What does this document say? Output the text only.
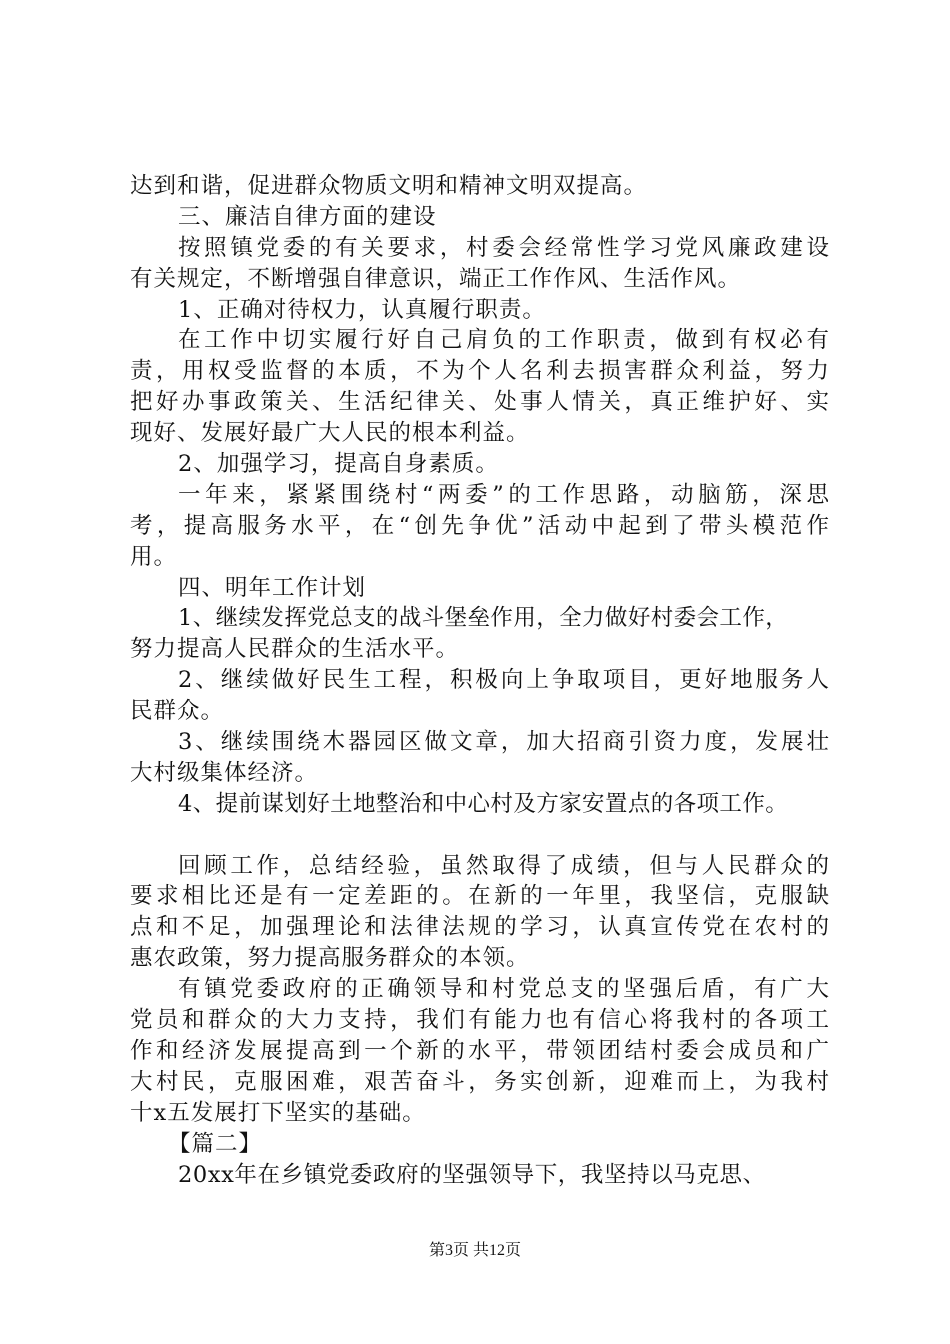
达到和谐，促进群众物质文明和精神文明双提高。
三、廉洁自律方面的建设
按照镇党委的有关要求，村委会经常性学习党风廉政建设
有关规定，不断增强自律意识，端正工作作风、生活作风。
1、正确对待权力，认真履行职责。
在工作中切实履行好自己肩负的工作职责，做到有权必有
责，用权受监督的本质，不为个人名利去损害群众利益，努力
把好办事政策关、生活纪律关、处事人情关，真正维护好、实
现好、发展好最广大人民的根本利益。
2、加强学习，提高自身素质。
一年来，紧紧围绕村“两委”的工作思路，动脑筋，深思
考，提高服务水平，在“创先争优”活动中起到了带头模范作
用。
四、明年工作计划
1、继续发挥党总支的战斗堡垒作用，全力做好村委会工作，
努力提高人民群众的生活水平。
2、继续做好民生工程，积极向上争取项目，更好地服务人
民群众。
3、继续围绕木器园区做文章，加大招商引资力度，发展壮
大村级集体经济。
4、提前谋划好土地整治和中心村及方家安置点的各项工作。
回顾工作，总结经验，虽然取得了成绩，但与人民群众的
要求相比还是有一定差距的。在新的一年里，我坚信，克服缺
点和不足，加强理论和法律法规的学习，认真宣传党在农村的
惠农政策，努力提高服务群众的本领。
有镇党委政府的正确领导和村党总支的坚强后盾，有广大
党员和群众的大力支持，我们有能力也有信心将我村的各项工
作和经济发展提高到一个新的水平，带领团结村委会成员和广
大村民，克服困难，艰苦奋斗，务实创新，迎难而上，为我村
十x五发展打下坚实的基础。
【篇二】
20xx年在乡镇党委政府的坚强领导下，我坚持以马克思、
第3页 共12页
